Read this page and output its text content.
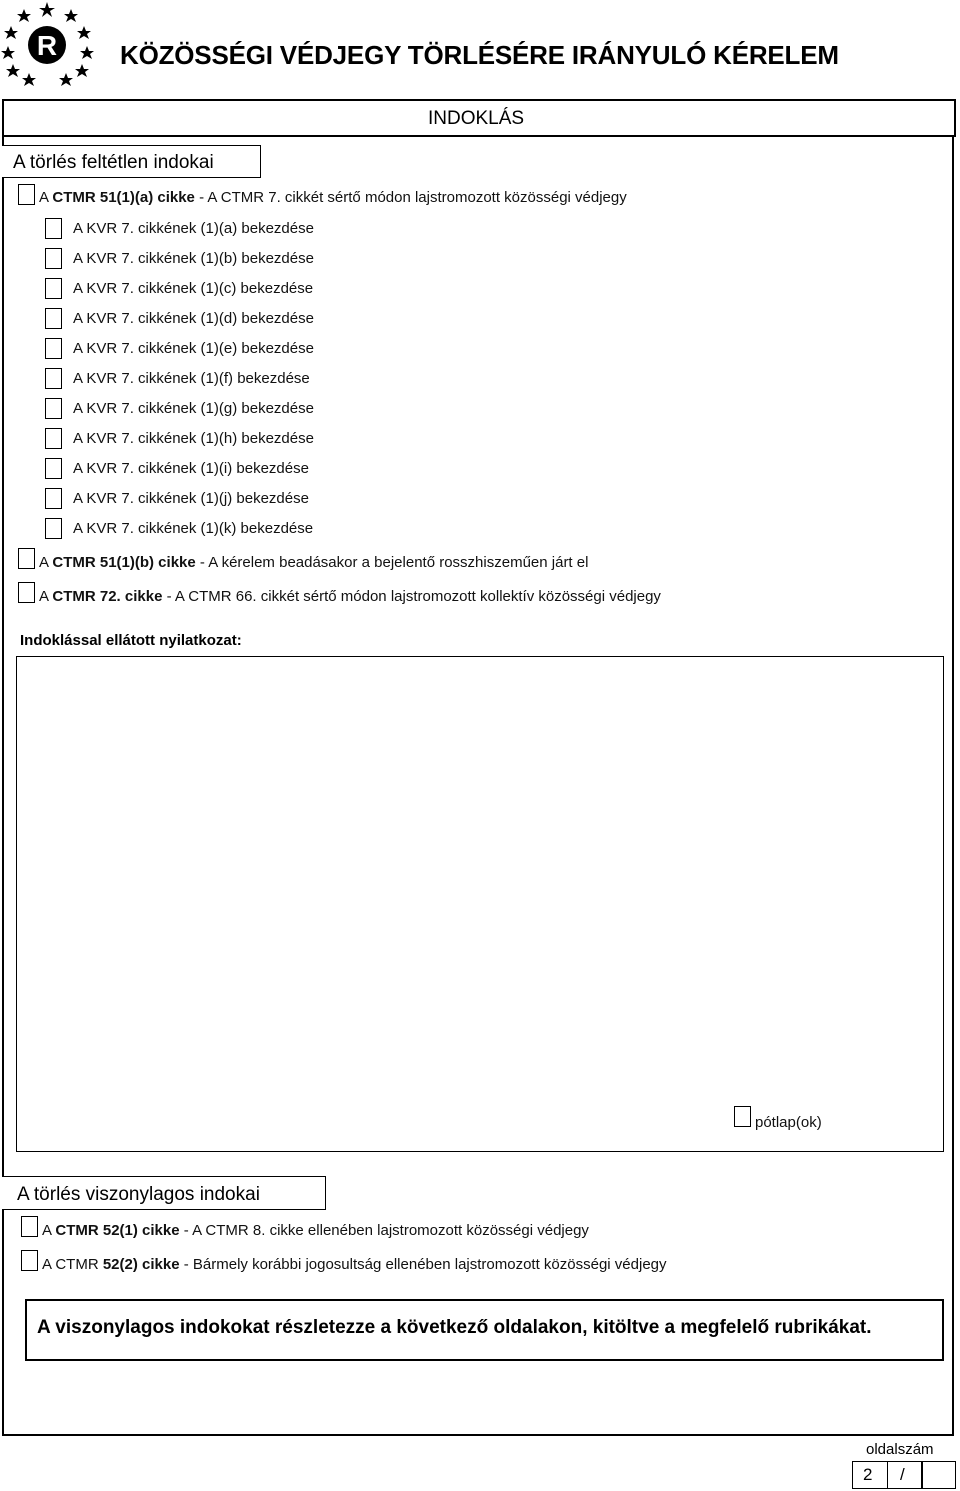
R KÖZÖSSÉGI VÉDJEGY TÖRLÉSÉRE IRÁNYULÓ KÉRELEM
INDOKLÁS
A törlés feltétlen indokai
A CTMR 51(1)(a) cikke - A CTMR 7. cikkét sértő módon lajstromozott közösségi védjegy
A KVR 7. cikkének (1)(a) bekezdése
A KVR 7. cikkének (1)(b) bekezdése
A KVR 7. cikkének (1)(c) bekezdése
A KVR 7. cikkének (1)(d) bekezdése
A KVR 7. cikkének (1)(e) bekezdése
A KVR 7. cikkének (1)(f) bekezdése
A KVR 7. cikkének (1)(g) bekezdése
A KVR 7. cikkének (1)(h) bekezdése
A KVR 7. cikkének (1)(i) bekezdése
A KVR 7. cikkének (1)(j) bekezdése
A KVR 7. cikkének (1)(k) bekezdése
A CTMR 51(1)(b) cikke - A kérelem beadásakor a bejelentő rosszhiszeműen járt el
A CTMR 72. cikke - A CTMR 66. cikkét sértő módon lajstromozott kollektív közösségi védjegy
Indoklással ellátott nyilatkozat:
pótlap(ok)
A törlés viszonylagos indokai
A CTMR 52(1) cikke - A CTMR 8. cikke ellenében lajstromozott közösségi védjegy
A CTMR 52(2) cikke - Bármely korábbi jogosultság ellenében lajstromozott közösségi védjegy
A viszonylagos indokokat részletezze a következő oldalakon, kitöltve a megfelelő rubrikákat.
oldalszám
2	/
